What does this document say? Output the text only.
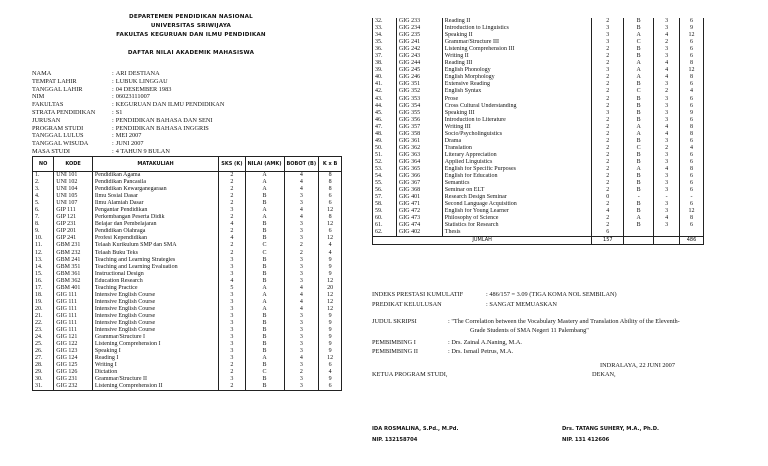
DEPARTEMEN PENDIDIKAN NASIONAL
UNIVERSITAS SRIWIJAYA
FAKULTAS KEGURUAN DAN ILMU PENDIDIKAN
DAFTAR NILAI AKADEMIK MAHASISWA
NAMA	: ARI DESTIANA
TEMPAT LAHIR	: LUBUK LINGGAU
TANGGAL LAHIR	: 04 DESEMBER 1983
NIM	: 06023111007
FAKULTAS	: KEGURUAN DAN ILMU PENDIDIKAN
STRATA PENDIDIKAN	: S1
JURUSAN	: PENDIDIKAN BAHASA DAN SENI
PROGRAM STUDI	: PENDIDIKAN BAHASA INGGRIS
TANGGAL LULUS	: MEI 2007
TANGGAL WISUDA	: JUNI 2007
MASA STUDI	: 4 TAHUN 9 BULAN
NO	KODE	MATAKULIAH	SKS (K)	NILAI (AMK)	BOBOT (B)	K x B
1.	UNI 101	Pendidikan Agama	2	A	4	8
2.	UNI 102	Pendidikan Pancasila	2	A	4	8
3.	UNI 104	Pendidikan Kewarganegaraan	2	A	4	8
4.	UNI 105	Ilmu Sosial Dasar	2	B	3	6
5.	UNI 107	Ilmu Alamiah Dasar	2	B	3	6
6.	GIP 111	Pengantar Pendidikan	3	A	4	12
7.	GIP 121	Perkembangan Peserta Didik	2	A	4	8
8.	GIP 231	Belajar dan Pembelajaran	4	B	3	12
9.	GIP 201	Pendidikan Olahraga	2	B	3	6
10.	GIP 241	Profesi Kependidikan	4	B	3	12
11.	GBM 231	Telaah Kurikulum SMP dan SMA	2	C	2	4
12.	GBM 232	Telaah Buku Teks	2	C	2	4
13.	GBM 241	Teaching and Learning Strategies	3	B	3	9
14.	GBM 351	Teaching and Learning Evaluation	3	B	3	9
15.	GBM 361	Instructional Design	3	B	3	9
16.	GBM 362	Education Research	4	B	3	12
17.	GBM 401	Teaching Practice	5	A	4	20
18.	GIG 111	Intensive English Course	3	A	4	12
19.	GIG 111	Intensive English Course	3	A	4	12
20.	GIG 111	Intensive English Course	3	A	4	12
21.	GIG 111	Intensive English Course	3	B	3	9
22.	GIG 111	Intensive English Course	3	B	3	9
23.	GIG 111	Intensive English Course	3	B	3	9
24.	GIG 121	Grammar/Structure I	3	B	3	9
25.	GIG 122	Listening Comprehension I	3	B	3	9
26.	GIG 123	Speaking I	3	B	3	9
27.	GIG 124	Reading I	3	A	4	12
28.	GIG 125	Writing I	2	B	3	6
29.	GIG 126	Dictation	2	C	2	4
30.	GIG 231	Grammar/Structure II	3	B	3	9
31.	GIG 232	Listening Comprehension II	2	B	3	6
32.	GIG 233	Reading II	2	B	3	6
33.	GIG 234	Introduction to Linguistics	3	B	3	9
34.	GIG 235	Speaking II	3	A	4	12
35.	GIG 241	Grammar/Structure III	3	C	2	6
36.	GIG 242	Listening Comprehension III	2	B	3	6
37.	GIG 243	Writing II	2	B	3	6
38.	GIG 244	Reading III	2	A	4	8
39.	GIG 245	English Phonology	3	A	4	12
40.	GIG 246	English Morphology	2	A	4	8
41.	GIG 351	Extensive Reading	2	B	3	6
42.	GIG 352	English Syntax	2	C	2	4
43.	GIG 353	Prose	2	B	3	6
44.	GIG 354	Cross Cultural Understanding	2	B	3	6
45.	GIG 355	Speaking III	3	B	3	9
46.	GIG 356	Introduction to Literature	2	B	3	6
47.	GIG 357	Writing III	2	A	4	8
48.	GIG 358	Socio/Psycholinguistics	2	A	4	8
49.	GIG 361	Drama	2	B	3	6
50.	GIG 362	Translation	2	C	2	4
51.	GIG 363	Literary Appreciation	2	B	3	6
52.	GIG 364	Applied Linguistics	2	B	3	6
53.	GIG 365	English for Specific Purposes	2	A	4	8
54.	GIG 366	English for Education	2	B	3	6
55.	GIG 367	Semantics	2	B	3	6
56.	GIG 368	Seminar on ELT	2	B	3	6
57.	GIG 401	Research Design Seminar	0	-	-	-
58.	GIG 471	Second Language Acquisition	2	B	3	6
59.	GIG 472	English for Young Learner	4	B	3	12
60.	GIG 473	Philosophy of Science	2	A	4	8
61.	GIG 474	Statistics for Research	2	B	3	6
62.	GIG 402	Thesis	6			
JUMLAH			157			486
INDEKS PRESTASI KUMULATIF	: 486/157 = 3.09 (TIGA KOMA NOL SEMBILAN)
PREDIKAT KELULUSAN	: SANGAT MEMUASKAN
JUDUL SKRIPSI	: "The Correlation between the Vocabulary Mastery and Translation Ability of the Eleventh-
Grade Students of SMA Negeri 11 Palembang"
PEMBIMBING I	: Drs. Zainal A.Naning, M.A.
PEMBIMBING II	: Drs. Ismail Petrus, M.A.
INDRALAYA, 22 JUNI 2007
KETUA PROGRAM STUDI,	DEKAN,
IDA ROSMALINA, S.Pd., M.Pd.
NIP. 132158704
Drs. TATANG SUHERY, M.A., Ph.D.
NIP. 131 412606
